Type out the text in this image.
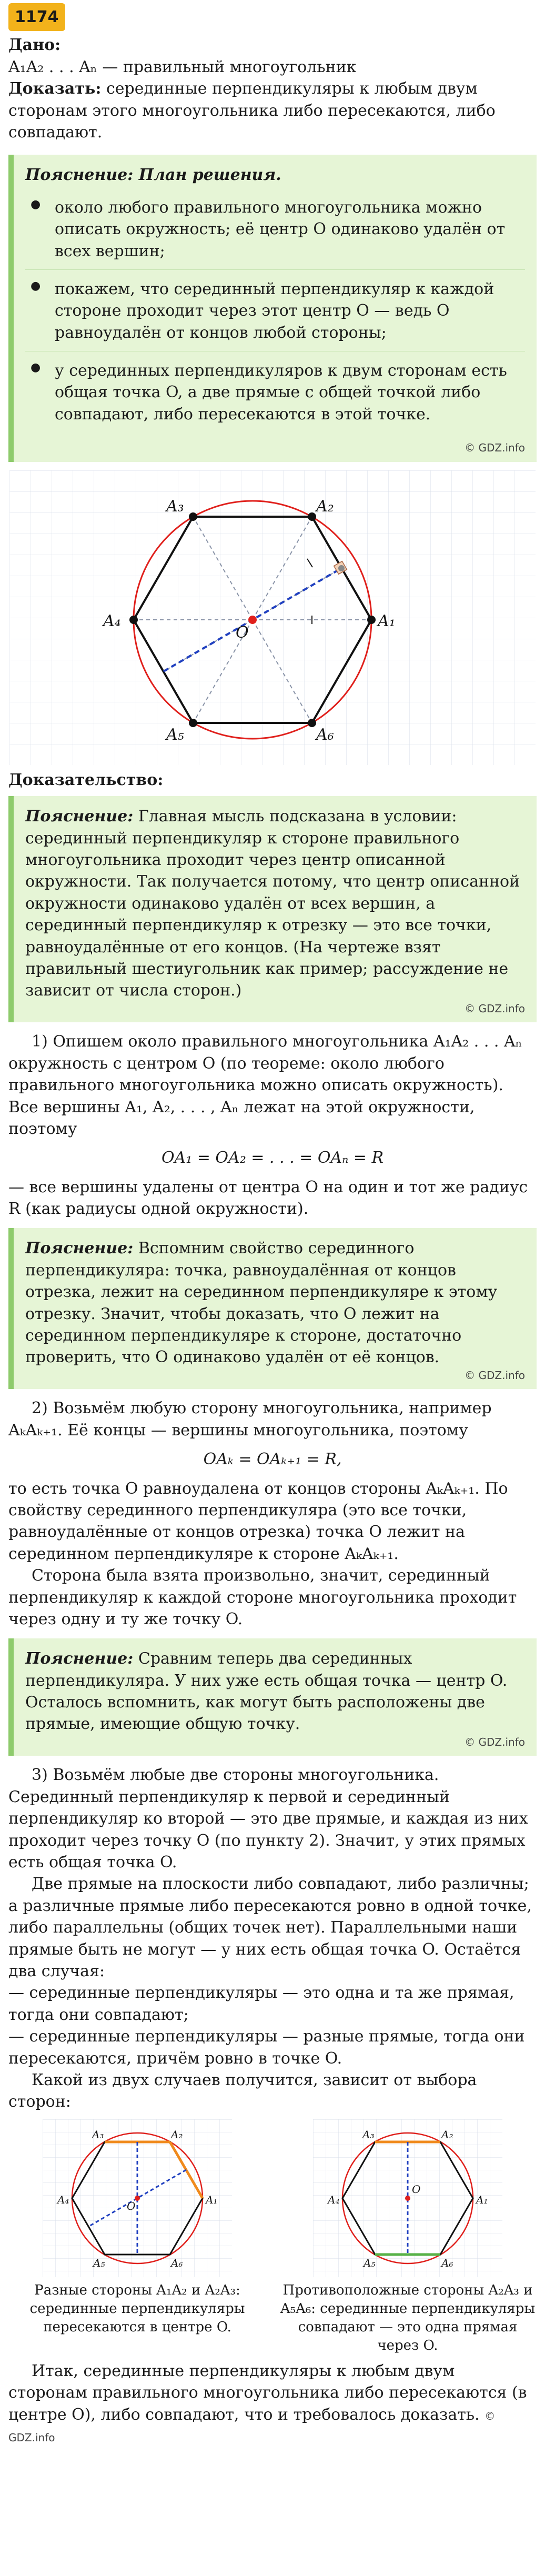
1174

Дано:
A₁A₂ . . . Aₙ — правильный многоугольник

Доказать: серединные перпендикуляры к любым двум сторонам этого многоугольника либо пересекаются, либо совпадают.

Пояснение: План решения.
● около любого правильного многоугольника можно описать окружность; её центр O одинаково удалён от всех вершин;
● покажем, что серединный перпендикуляр к каждой стороне проходит через этот центр O — ведь O равноудалён от концов любой стороны;
● у серединных перпендикуляров к двум сторонам есть общая точка O, а две прямые с общей точкой либо совпадают, либо пересекаются в этой точке.
© GDZ.info
A₁
A₂
A₃
A₄
A₅	A₆
O

Доказательство:

Пояснение: Главная мысль подсказана в условии: серединный перпендикуляр к стороне правильного многоугольника проходит через центр описанной окружности. Так получается потому, что центр описанной окружности одинаково удалён от всех вершин, а серединный перпендикуляр к отрезку — это все точки, равноудалённые от его концов. (На чертеже взят правильный шестиугольник как пример; рассуждение не зависит от числа сторон.)

© GDZ.info

1) Опишем около правильного многоугольника A₁A₂ . . . Aₙ окружность с центром O (по теореме: около любого правильного многоугольника можно описать окружность). Все вершины A₁, A₂, . . . , Aₙ лежат на этой окружности, поэтому

OA₁ = OA₂ = . . . = OAₙ = R

— все вершины удалены от центра O на один и тот же радиус R (как радиусы одной окружности).

Пояснение: Вспомним свойство серединного перпендикуляра: точка, равноудалённая от концов отрезка, лежит на серединном перпендикуляре к этому отрезку. Значит, чтобы доказать, что O лежит на серединном перпендикуляре к стороне, достаточно проверить, что O одинаково удалён от её концов.

© GDZ.info

2) Возьмём любую сторону многоугольника, например AₖAₖ₊₁. Её концы — вершины многоугольника, поэтому

OAₖ = OAₖ₊₁ = R,

то есть точка O равноудалена от концов стороны AₖAₖ₊₁. По свойству серединного перпендикуляра (это все точки, равноудалённые от концов отрезка) точка O лежит на серединном перпендикуляре к стороне AₖAₖ₊₁.

Сторона была взята произвольно, значит, серединный перпендикуляр к каждой стороне многоугольника проходит через одну и ту же точку O.

Пояснение: Сравним теперь два серединных перпендикуляра. У них уже есть общая точка — центр O. Осталось вспомнить, как могут быть расположены две прямые, имеющие общую точку.

© GDZ.info

3) Возьмём любые две стороны многоугольника. Серединный перпендикуляр к первой и серединный перпендикуляр ко второй — это две прямые, и каждая из них проходит через точку O (по пункту 2). Значит, у этих прямых есть общая точка O.

Две прямые на плоскости либо совпадают, либо различны; а различные прямые либо пересекаются ровно в одной точке, либо параллельны (общих точек нет). Параллельными наши прямые быть не могут — у них есть общая точка O. Остаётся два случая:

— серединные перпендикуляры — это одна и та же прямая, тогда они совпадают;

— серединные перпендикуляры — разные прямые, тогда они пересекаются, причём ровно в точке O.

Какой из двух случаев получится, зависит от выбора сторон:

A₁
A₂
A₃
A₄
A₅	A₆
O

Разные стороны A₁A₂ и A₂A₃: серединные перпендикуляры пересекаются в центре O.

A₁
A₂
A₃
A₄
A₅	A₆
O

Противоположные стороны A₂A₃ и A₅A₆: серединные перпендикуляры совпадают — это одна прямая через O.

Итак, серединные перпендикуляры к любым двум сторонам правильного многоугольника либо пересекаются (в центре O), либо совпадают, что и требовалось доказать. © GDZ.info
